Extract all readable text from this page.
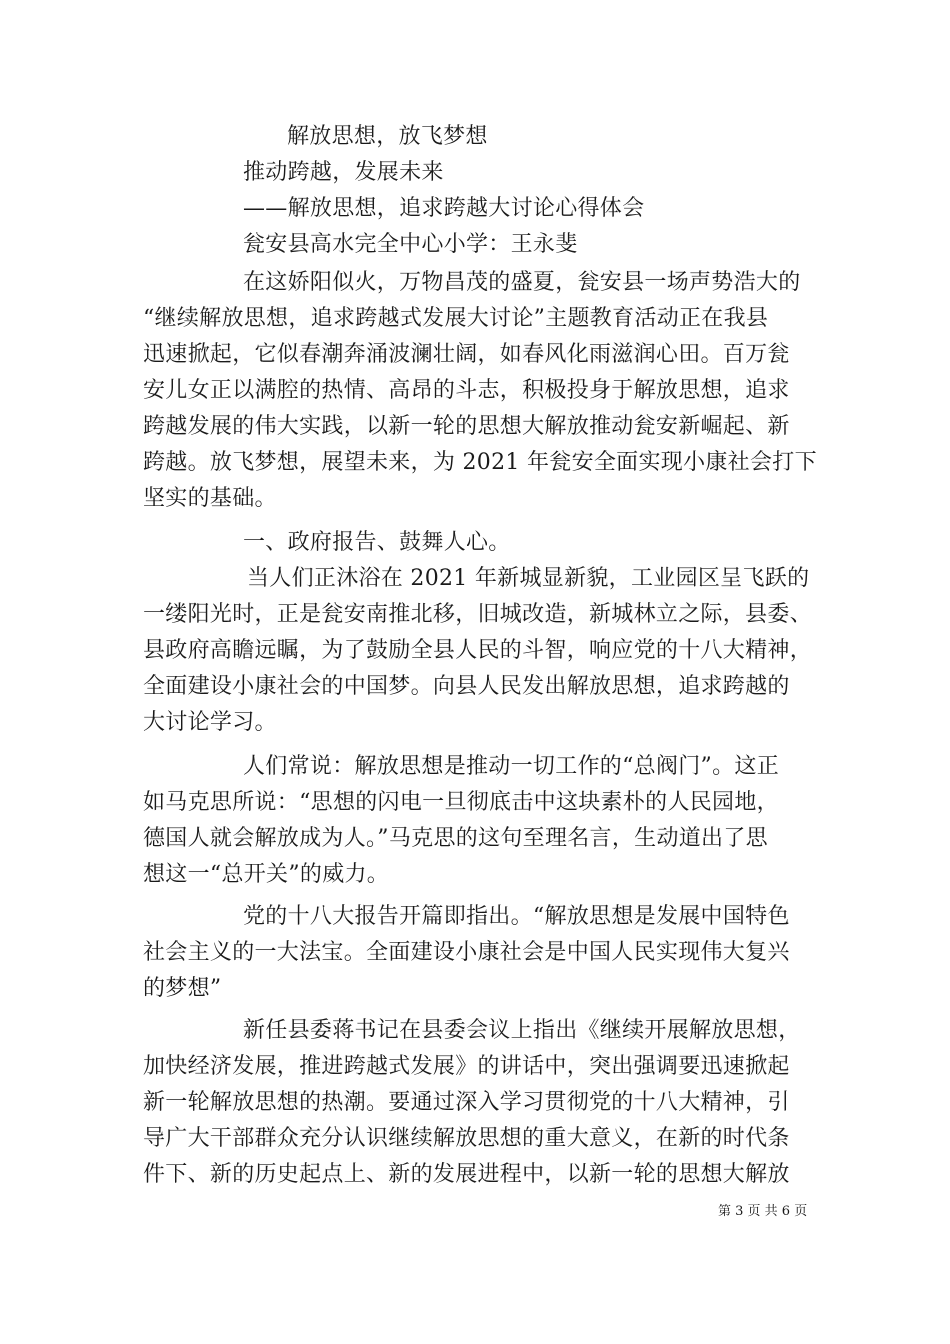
解放思想，放飞梦想
推动跨越，发展未来
——解放思想，追求跨越大讨论心得体会
瓮安县高水完全中心小学：王永斐
在这娇阳似火，万物昌茂的盛夏，瓮安县一场声势浩大的
“继续解放思想，追求跨越式发展大讨论”主题教育活动正在我县
迅速掀起，它似春潮奔涌波澜壮阔，如春风化雨滋润心田。百万瓮
安儿女正以满腔的热情、高昂的斗志，积极投身于解放思想，追求
跨越发展的伟大实践，以新一轮的思想大解放推动瓮安新崛起、新
跨越。放飞梦想，展望未来，为 2021 年瓮安全面实现小康社会打下
坚实的基础。
一、政府报告、鼓舞人心。
当人们正沐浴在 2021 年新城显新貌，工业园区呈飞跃的
一缕阳光时，正是瓮安南推北移，旧城改造，新城林立之际，县委、
县政府高瞻远瞩，为了鼓励全县人民的斗智，响应党的十八大精神，
全面建设小康社会的中国梦。向县人民发出解放思想，追求跨越的
大讨论学习。
人们常说：解放思想是推动一切工作的“总阀门”。这正
如马克思所说：“思想的闪电一旦彻底击中这块素朴的人民园地，
德国人就会解放成为人。”马克思的这句至理名言，生动道出了思
想这一“总开关”的威力。
党的十八大报告开篇即指出。“解放思想是发展中国特色
社会主义的一大法宝。全面建设小康社会是中国人民实现伟大复兴
的梦想”
新任县委蒋书记在县委会议上指出《继续开展解放思想，
加快经济发展，推进跨越式发展》的讲话中，突出强调要迅速掀起
新一轮解放思想的热潮。要通过深入学习贯彻党的十八大精神，引
导广大干部群众充分认识继续解放思想的重大意义，在新的时代条
件下、新的历史起点上、新的发展进程中，以新一轮的思想大解放
第 3 页 共 6 页
